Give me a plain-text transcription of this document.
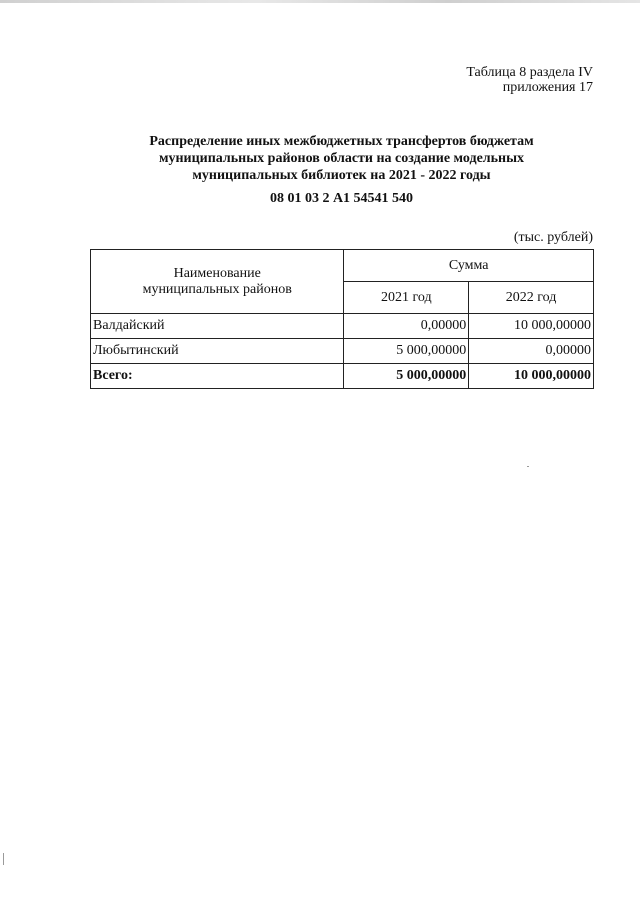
Таблица 8 раздела IV
приложения 17
Распределение иных межбюджетных трансфертов бюджетам
муниципальных районов области на создание модельных
муниципальных библиотек на 2021 - 2022 годы
08 01 03 2 А1 54541 540
(тыс. рублей)
Наименование
муниципальных районов	Сумма	
	2021 год	2022 год
Валдайский	0,00000	10 000,00000
Любытинский	5 000,00000	0,00000
Всего:	5 000,00000	10 000,00000
